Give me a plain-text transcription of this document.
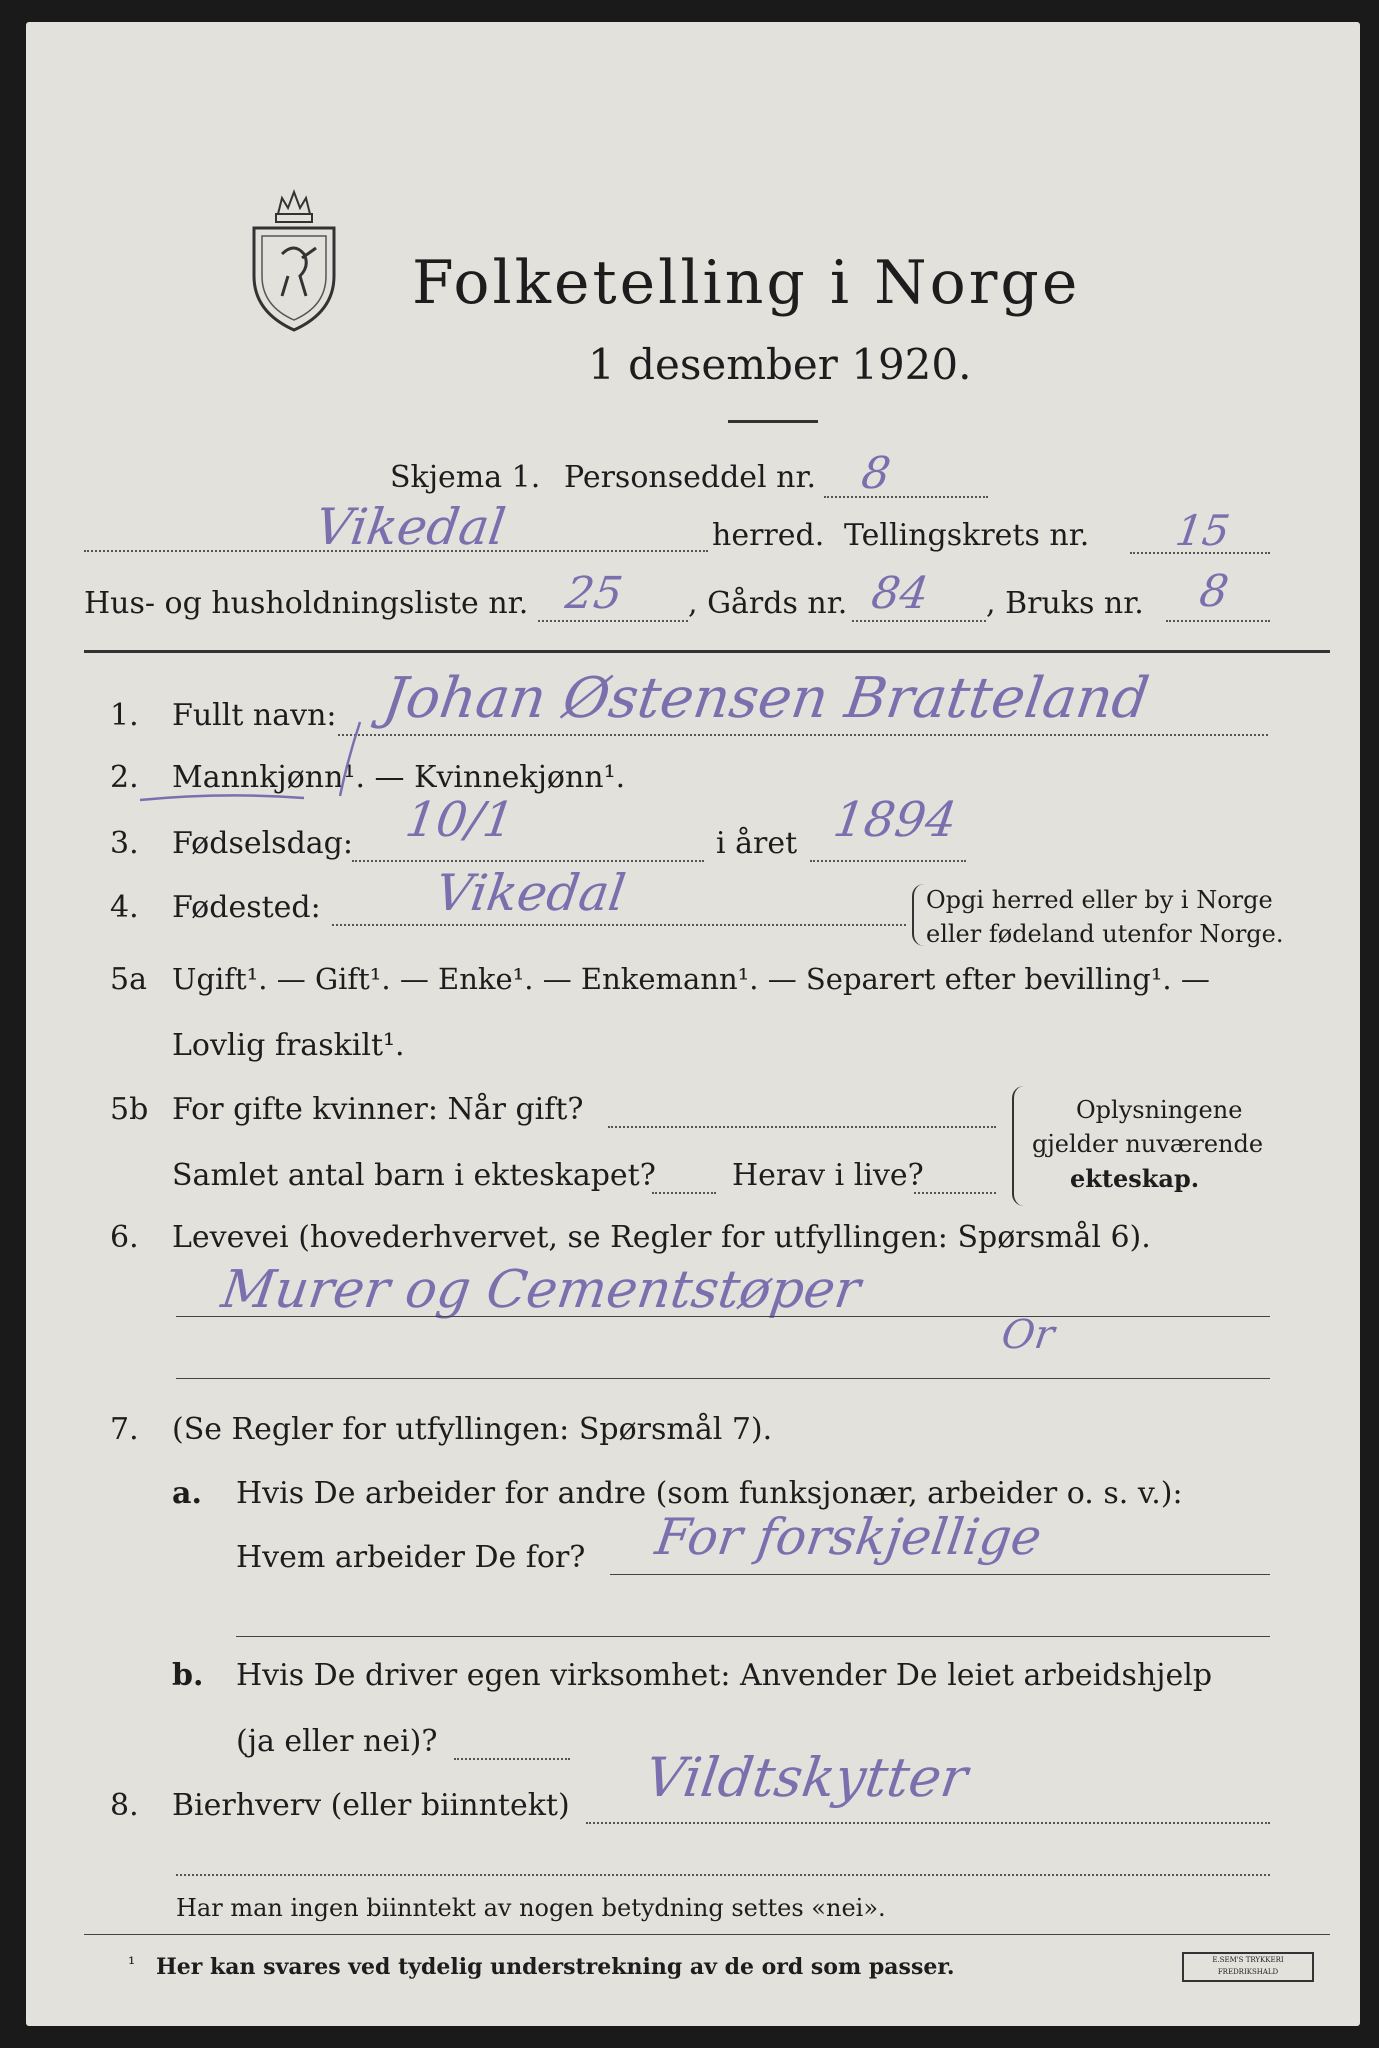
Folketelling i Norge
1 desember 1920.
Skjema 1. Personseddel nr. 8
Vikedal	herred. Tellingskrets nr. 15
Hus- og husholdningsliste nr. 25 , Gårds nr. 84 , Bruks nr. 8
1. Fullt navn: Johan Østensen Bratteland
2. Mannkjønn¹. — Kvinnekjønn¹.
3. Fødselsdag: 10/1	i året 1894
4. Fødested: Vikedal	Opgi herred eller by i Norge
eller fødeland utenfor Norge.
5a Ugift¹. — Gift¹. — Enke¹. — Enkemann¹. — Separert efter bevilling¹. —
Lovlig fraskilt¹.
5b For gifte kvinner: Når gift?
Samlet antal barn i ekteskapet?	Herav i live?
Oplysningene
gjelder nuværende
ekteskap.
6. Levevei (hovederhvervet, se Regler for utfyllingen: Spørsmål 6).
Murer og Cementstøper
Or
7. (Se Regler for utfyllingen: Spørsmål 7).
a. Hvis De arbeider for andre (som funksjonær, arbeider o. s. v.):
Hvem arbeider De for? For forskjellige
b. Hvis De driver egen virksomhet: Anvender De leiet arbeidshjelp
(ja eller nei)?
8. Bierhverv (eller biinntekt) Vildtskytter
Har man ingen biinntekt av nogen betydning settes «nei».
¹ Her kan svares ved tydelig understrekning av de ord som passer.	E.SEM'S TRYKKERI FREDRIKSHALD
